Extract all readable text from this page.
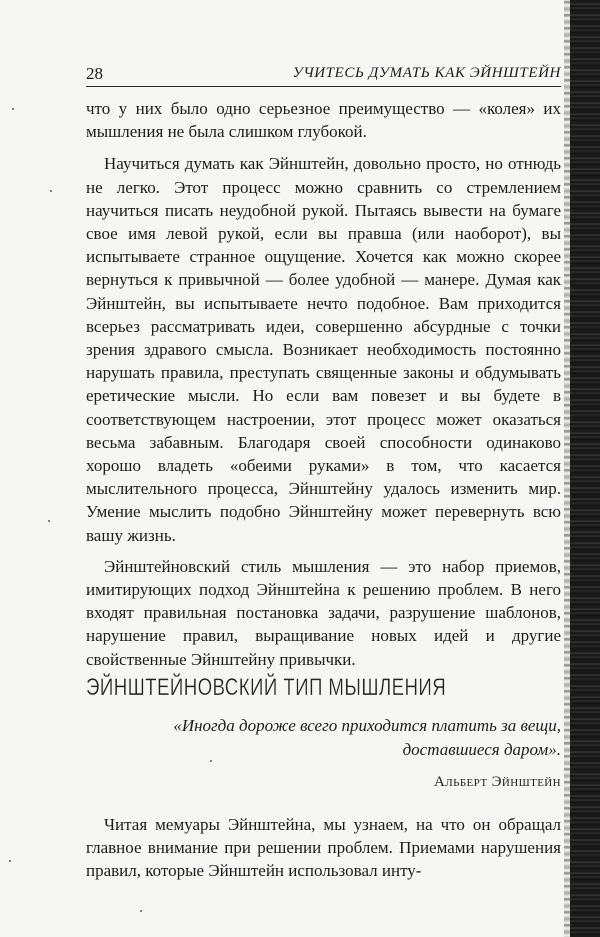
28	УЧИТЕСЬ ДУМАТЬ КАК ЭЙНШТЕЙН

что у них было одно серьезное преимущество — «колея» их мышления не была слишком глубокой.

Научиться думать как Эйнштейн, довольно просто, но отнюдь не легко. Этот процесс можно сравнить со стремлением научиться писать неудобной рукой. Пытаясь вывести на бумаге свое имя левой рукой, если вы правша (или наоборот), вы испытываете странное ощущение. Хочется как можно скорее вернуться к привычной — более удобной — манере. Думая как Эйнштейн, вы испытываете нечто подобное. Вам приходится всерьез рассматривать идеи, совершенно абсурдные с точки зрения здравого смысла. Возникает необходимость постоянно нарушать правила, преступать священные законы и обдумывать еретические мысли. Но если вам повезет и вы будете в соответствующем настроении, этот процесс может оказаться весьма забавным. Благодаря своей способности одинаково хорошо владеть «обеими руками» в том, что касается мыслительного процесса, Эйнштейну удалось изменить мир. Умение мыслить подобно Эйнштейну может перевернуть всю вашу жизнь.

Эйнштейновский стиль мышления — это набор приемов, имитирующих подход Эйнштейна к решению проблем. В него входят правильная постановка задачи, разрушение шаблонов, нарушение правил, выращивание новых идей и другие свойственные Эйнштейну привычки.

ЭЙНШТЕЙНОВСКИЙ ТИП МЫШЛЕНИЯ
«Иногда дороже всего приходится платить за вещи, доставшиеся даром».
Альберт Эйнштейн

Читая мемуары Эйнштейна, мы узнаем, на что он обращал главное внимание при решении проблем. Приемами нарушения правил, которые Эйнштейн использовал инту-
